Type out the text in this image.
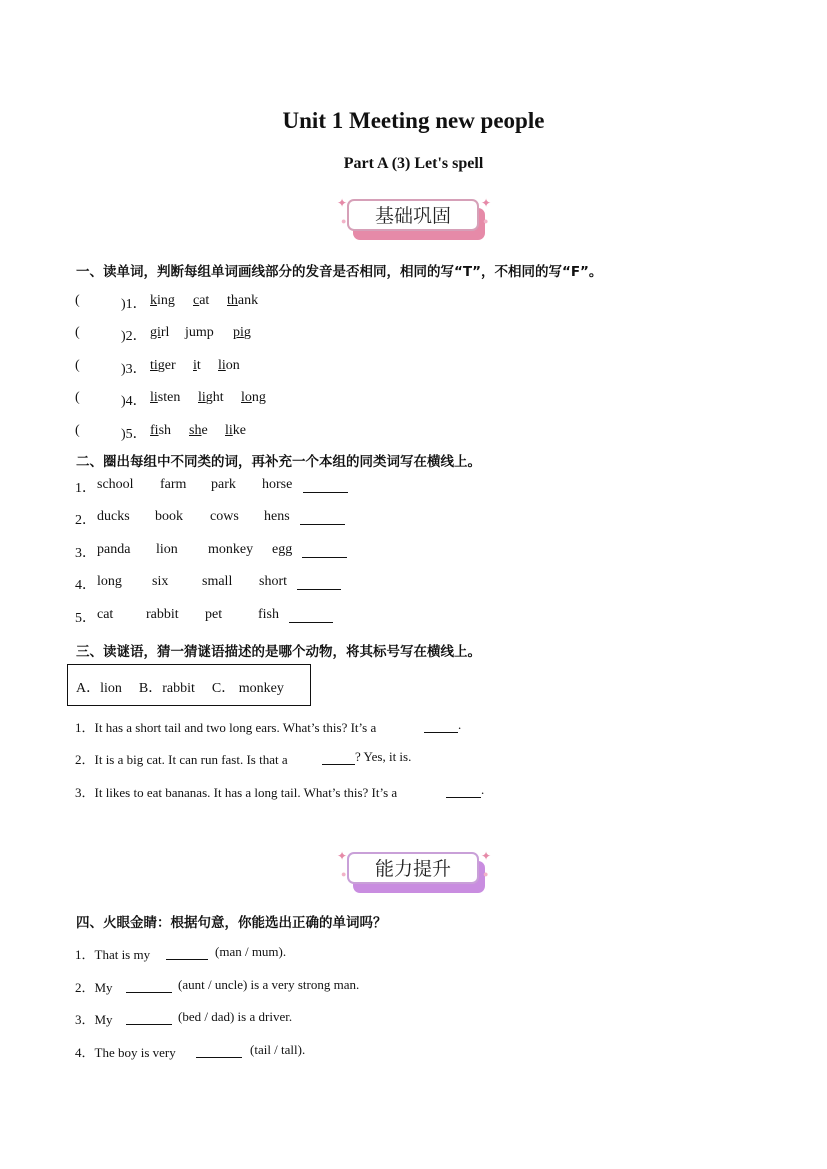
Unit 1 Meeting new people
Part A (3) Let's spell
基础巩固
✦	✦
●	●
一、读单词，判断每组单词画线部分的发音是否相同，相同的写“T”，不相同的写“F”。
二、圈出每组中不同类的词，再补充一个本组的同类词写在横线上。
三、读谜语，猜一猜谜语描述的是哪个动物，将其标号写在横线上。
A．lion B．rabbit C． monkey
能力提升
✦	✦
●	●
四、火眼金睛：根据句意，你能选出正确的单词吗？
(	)1． king cat thank
(	)2． girl jump pig
(	)3． tiger it lion
(	)4． listen light long
(	)5． fish she like
1． school farm park horse
2． ducks book cows hens
3． panda lion monkey egg
4． long six small short
5． cat rabbit pet	fish
1．It has a short tail and two long ears. What’s this? It’s a	.
2．It is a big cat. It can run fast. Is that a	? Yes, it is.
3．It likes to eat bananas. It has a long tail. What’s this? It’s a	.
1．That is my	(man / mum).
2．My	(aunt / uncle) is a very strong man.
3．My	(bed / dad) is a driver.
4．The boy is very	(tail / tall).
